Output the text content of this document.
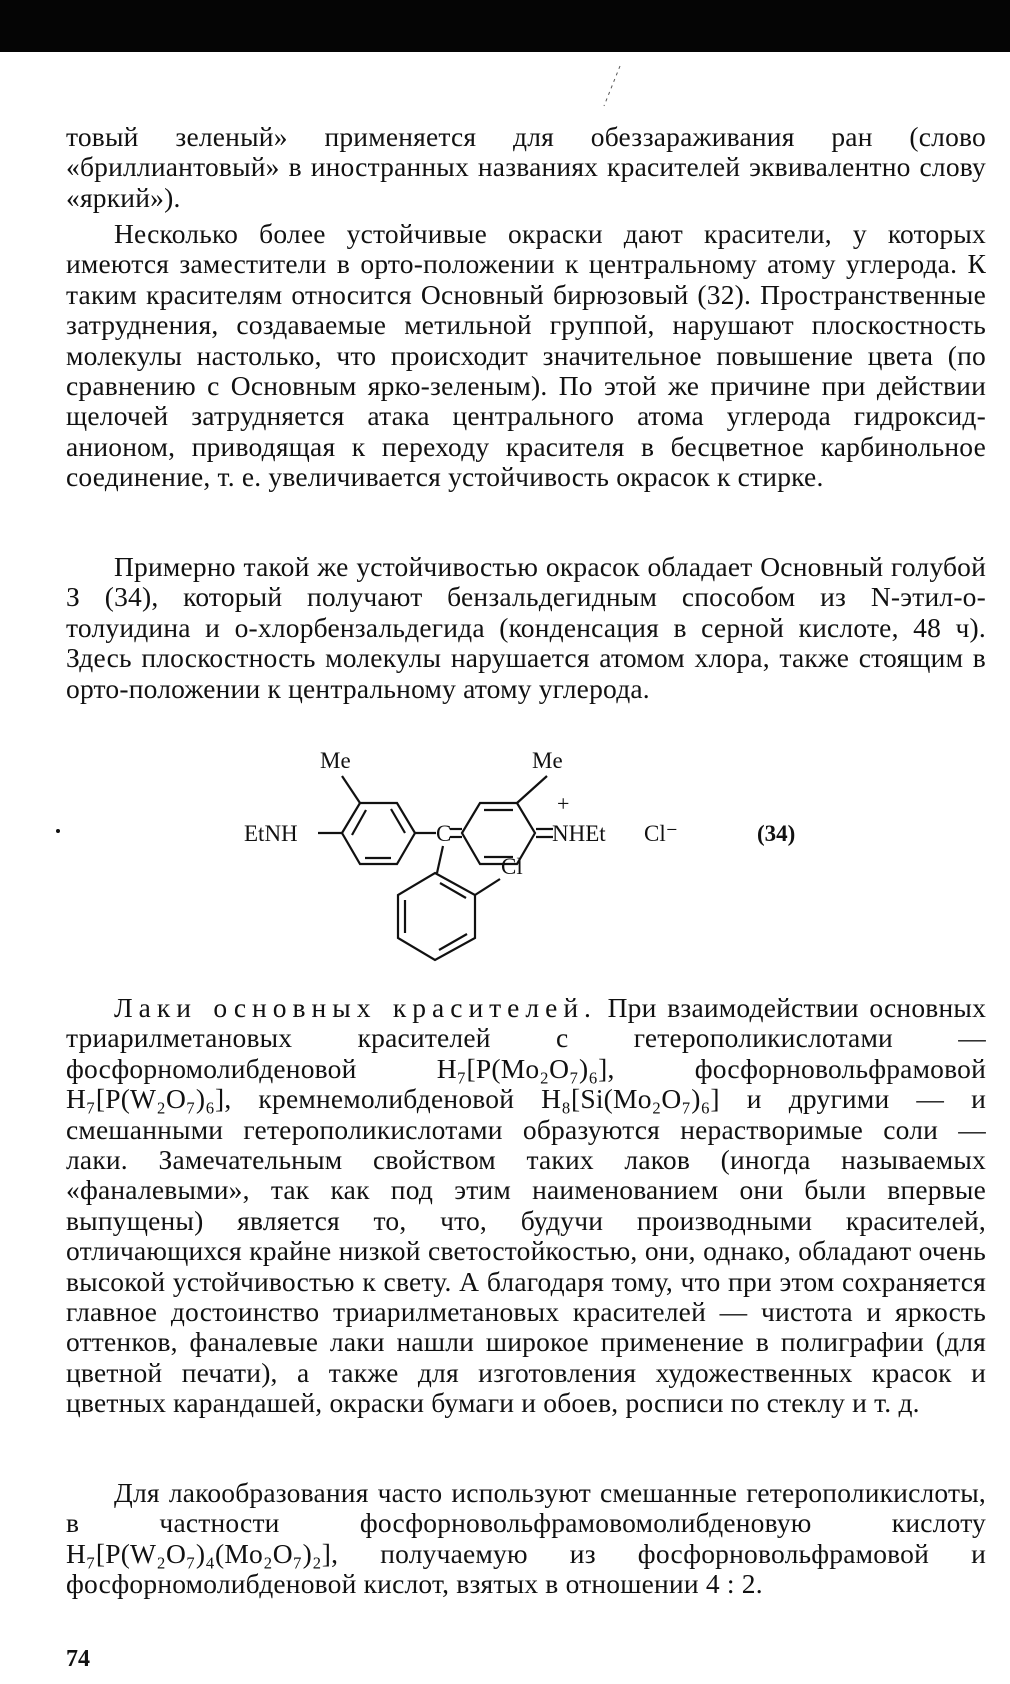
товый зеленый» применяется для обеззараживания ран (слово «бриллиантовый» в иностранных названиях красителей эквивалентно слову «яркий»).

Несколько более устойчивые окраски дают красители, у которых имеются заместители в орто-положении к центральному атому углерода. К таким красителям относится Основный бирюзовый (32). Пространственные затруднения, создаваемые метильной группой, нарушают плоскостность молекулы настолько, что происходит значительное повышение цвета (по сравнению с Основным ярко-зеленым). По этой же причине при действии щелочей затрудняется атака центрального атома углерода гидроксид-анионом, приводящая к переходу красителя в бесцветное карбинольное соединение, т. е. увеличивается устойчивость окрасок к стирке.

Примерно такой же устойчивостью окрасок обладает Основный голубой З (34), который получают бензальдегидным способом из N-этил-о-толуидина и о-хлорбензальдегида (конденсация в серной кислоте, 48 ч). Здесь плоскостность молекулы нарушается атомом хлора, также стоящим в орто-положении к центральному атому углерода.

Me	Me
EtNH	C	NHEt
+
Cl⁻
Cl
(34)

Лаки основных красителей. При взаимодействии основных триарилметановых красителей с гетерополикислотами — фосфорномолибденовой H₇[P(Mo₂O₇)₆], фосфорновольфрамовой H₇[P(W₂O₇)₆], кремнемолибденовой H₈[Si(Mo₂O₇)₆] и другими — и смешанными гетерополикислотами образуются нерастворимые соли — лаки. Замечательным свойством таких лаков (иногда называемых «фаналевыми», так как под этим наименованием они были впервые выпущены) является то, что, будучи производными красителей, отличающихся крайне низкой светостойкостью, они, однако, обладают очень высокой устойчивостью к свету. А благодаря тому, что при этом сохраняется главное достоинство триарилметановых красителей — чистота и яркость оттенков, фаналевые лаки нашли широкое применение в полиграфии (для цветной печати), а также для изготовления художественных красок и цветных карандашей, окраски бумаги и обоев, росписи по стеклу и т. д.

Для лакообразования часто используют смешанные гетерополикислоты, в частности фосфорновольфрамовомолибденовую кислоту H₇[P(W₂O₇)₄(Mo₂O₇)₂], получаемую из фосфорновольфрамовой и фосфорномолибденовой кислот, взятых в отношении 4 : 2.

74
